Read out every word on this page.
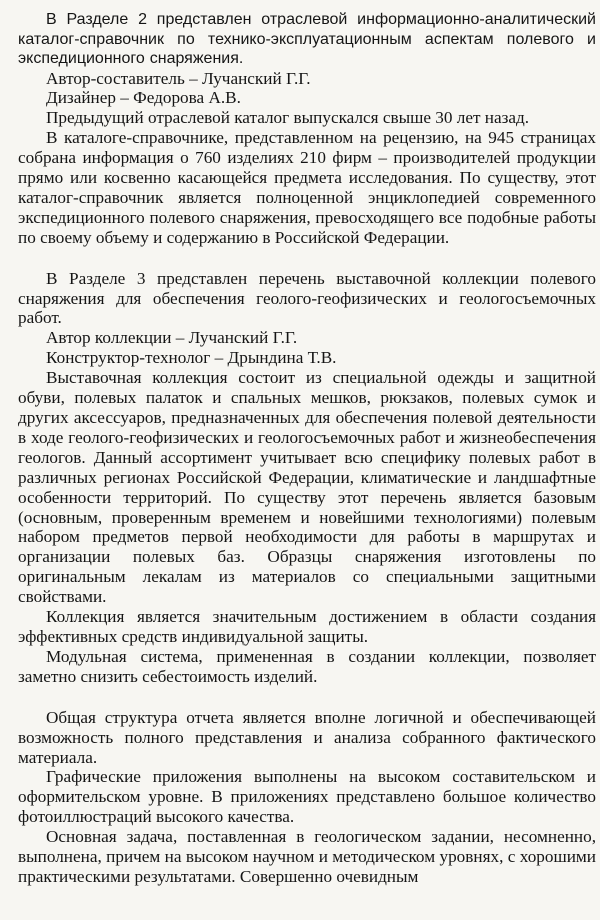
В Разделе 2 представлен отраслевой информационно-аналитический каталог-справочник по технико-эксплуатационным аспектам полевого и экспедиционного снаряжения.

Автор-составитель – Лучанский Г.Г.

Дизайнер – Федорова А.В.

Предыдущий отраслевой каталог выпускался свыше 30 лет назад.

В каталоге-справочнике, представленном на рецензию, на 945 страницах собрана информация о 760 изделиях 210 фирм – производителей продукции прямо или косвенно касающейся предмета исследования. По существу, этот каталог-справочник является полноценной энциклопедией современного экспедиционного полевого снаряжения, превосходящего все подобные работы по своему объему и содержанию в Российской Федерации.

В Разделе 3 представлен перечень выставочной коллекции полевого снаряжения для обеспечения геолого-геофизических и геологосъемочных работ.

Автор коллекции – Лучанский Г.Г.

Конструктор-технолог – Дрындина Т.В.

Выставочная коллекция состоит из специальной одежды и защитной обуви, полевых палаток и спальных мешков, рюкзаков, полевых сумок и других аксессуаров, предназначенных для обеспечения полевой деятельности в ходе геолого-геофизических и геологосъемочных работ и жизнеобеспечения геологов. Данный ассортимент учитывает всю специфику полевых работ в различных регионах Российской Федерации, климатические и ландшафтные особенности территорий. По существу этот перечень является базовым (основным, проверенным временем и новейшими технологиями) полевым набором предметов первой необходимости для работы в маршрутах и организации полевых баз. Образцы снаряжения изготовлены по оригинальным лекалам из материалов со специальными защитными свойствами.

Коллекция является значительным достижением в области создания эффективных средств индивидуальной защиты.

Модульная система, примененная в создании коллекции, позволяет заметно снизить себестоимость изделий.

Общая структура отчета является вполне логичной и обеспечивающей возможность полного представления и анализа собранного фактического материала.

Графические приложения выполнены на высоком составительском и оформительском уровне. В приложениях представлено большое количество фотоиллюстраций высокого качества.

Основная задача, поставленная в геологическом задании, несомненно, выполнена, причем на высоком научном и методическом уровнях, с хорошими практическими результатами. Совершенно очевидным
